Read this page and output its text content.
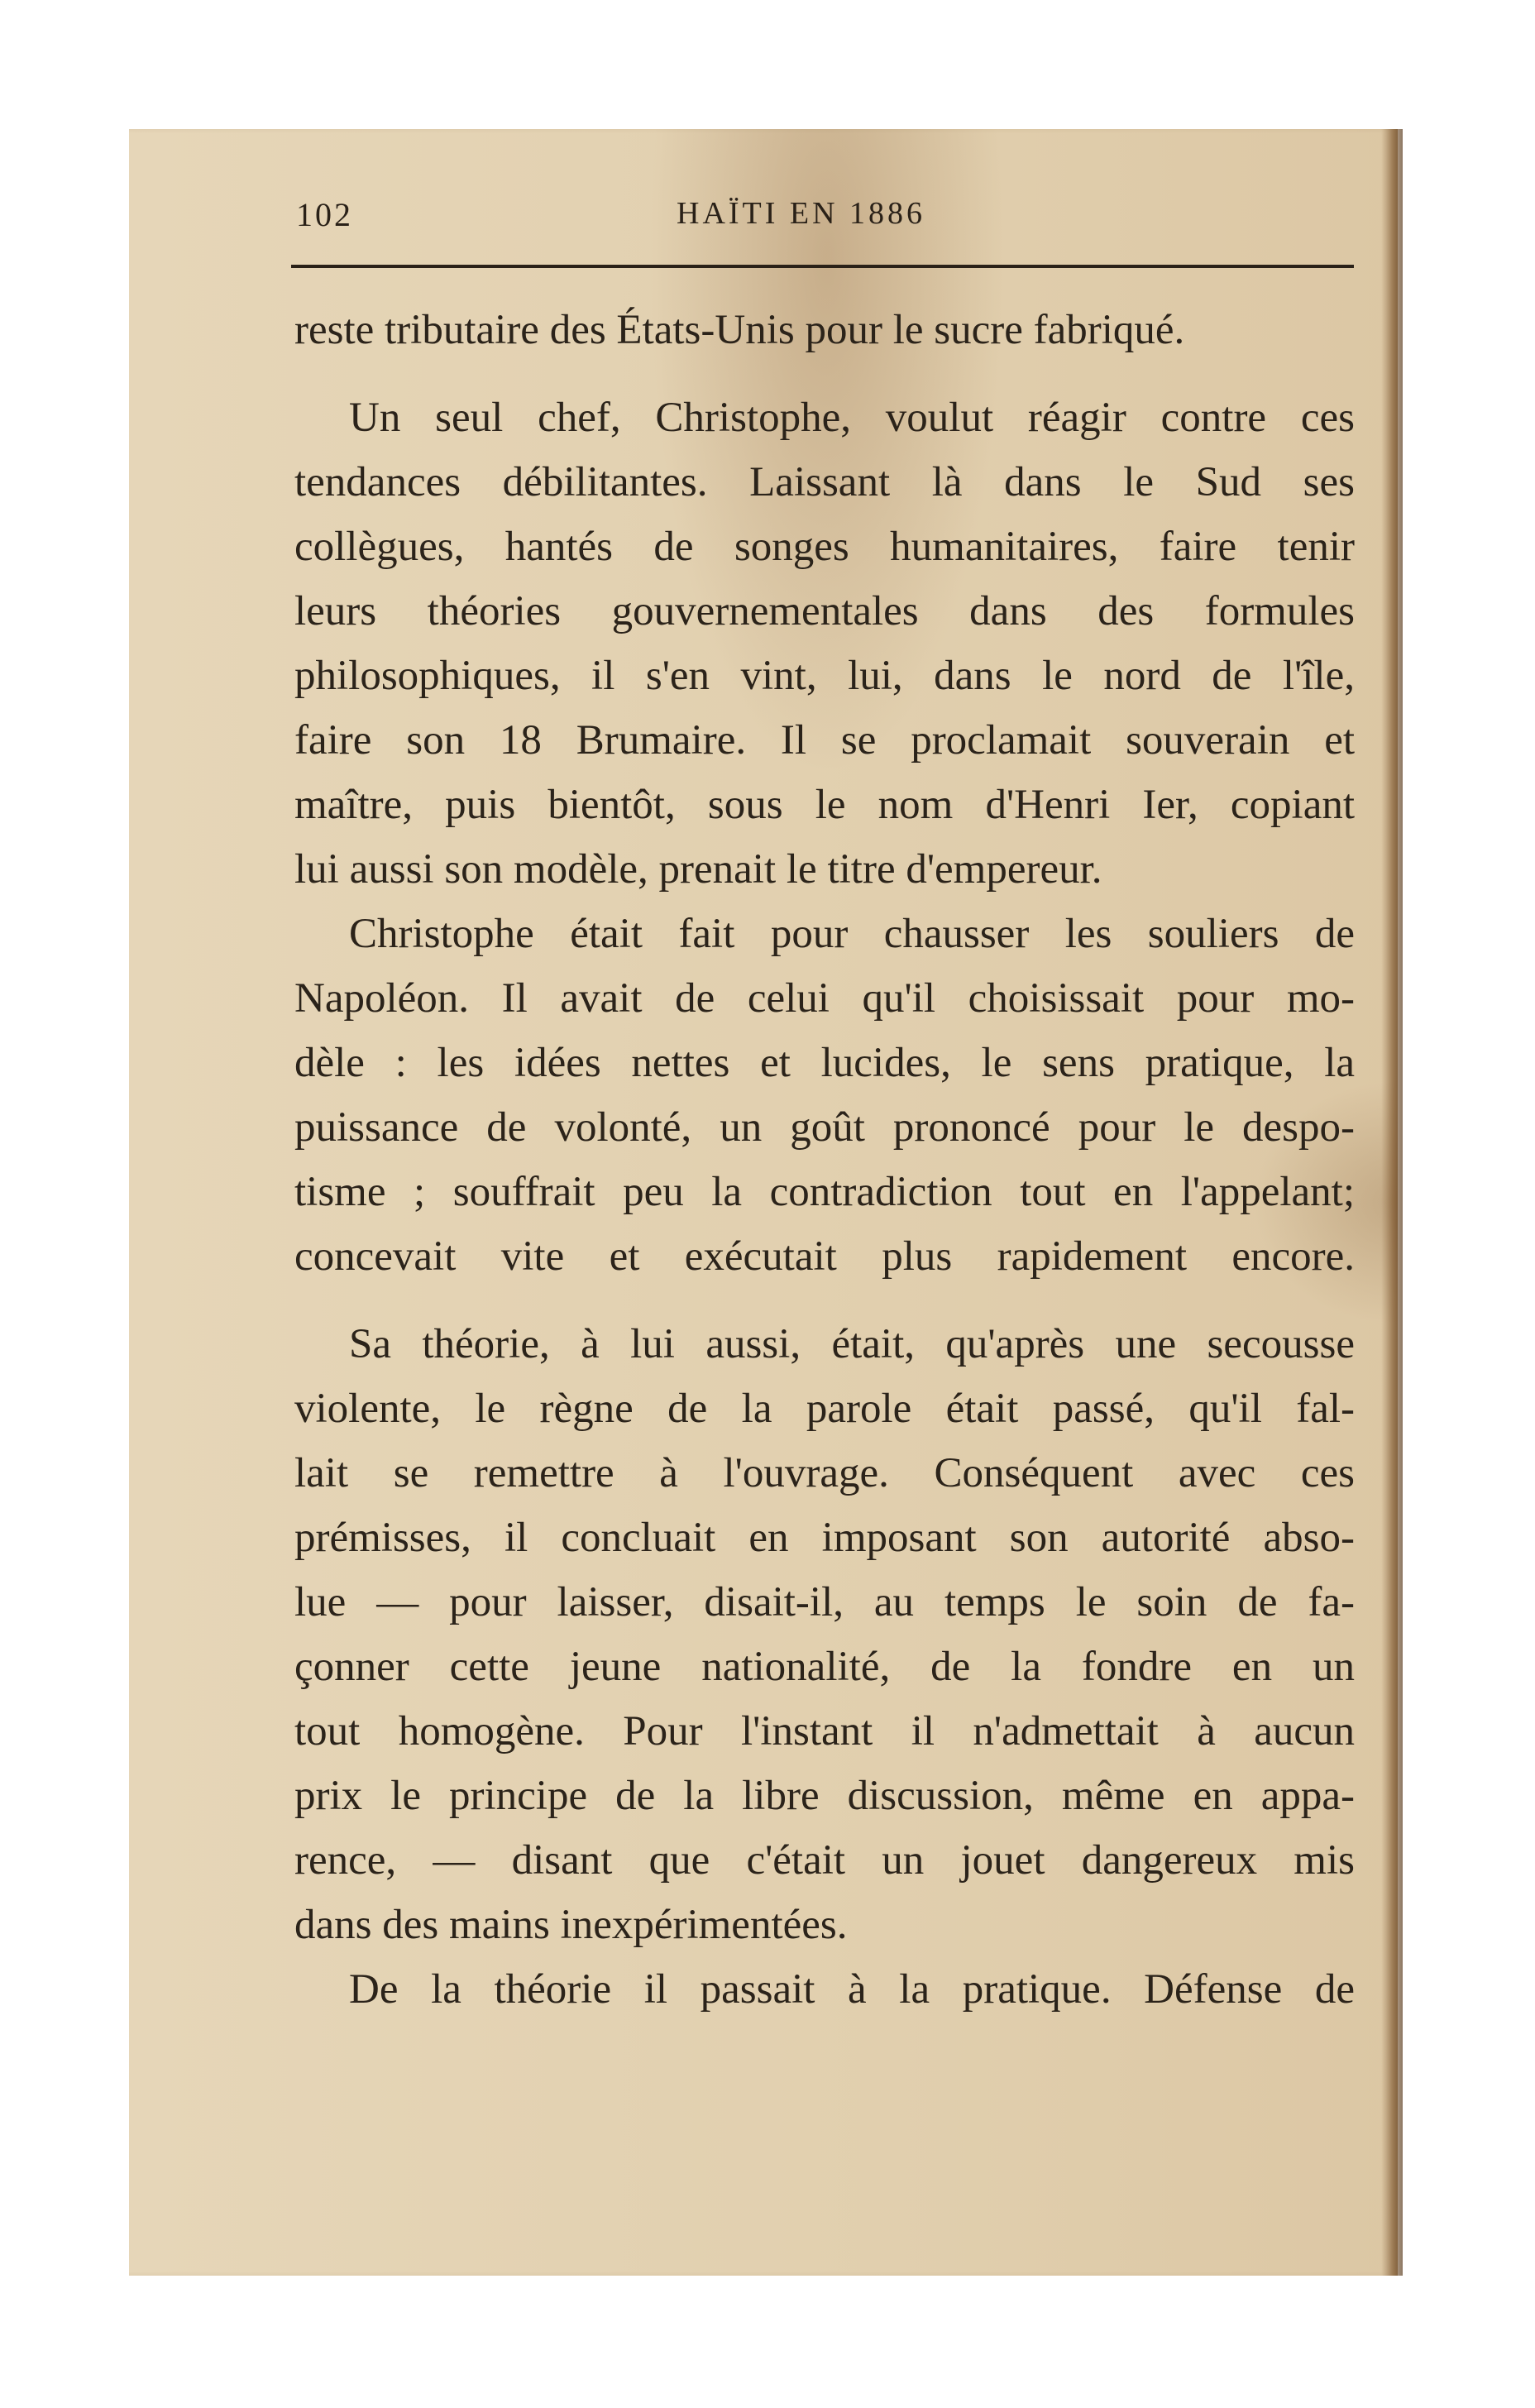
102	HAÏTI EN 1886
reste tributaire des États-Unis pour le sucre fabriqué.
Un seul chef, Christophe, voulut réagir contre ces
tendances débilitantes. Laissant là dans le Sud ses
collègues, hantés de songes humanitaires, faire tenir
leurs théories gouvernementales dans des formules
philosophiques, il s'en vint, lui, dans le nord de l'île,
faire son 18 Brumaire. Il se proclamait souverain et
maître, puis bientôt, sous le nom d'Henri Ier, copiant
lui aussi son modèle, prenait le titre d'empereur.
Christophe était fait pour chausser les souliers de
Napoléon. Il avait de celui qu'il choisissait pour mo-
dèle : les idées nettes et lucides, le sens pratique, la
puissance de volonté, un goût prononcé pour le despo-
tisme ; souffrait peu la contradiction tout en l'appelant;
concevait vite et exécutait plus rapidement encore.
Sa théorie, à lui aussi, était, qu'après une secousse
violente, le règne de la parole était passé, qu'il fal-
lait se remettre à l'ouvrage. Conséquent avec ces
prémisses, il concluait en imposant son autorité abso-
lue — pour laisser, disait-il, au temps le soin de fa-
çonner cette jeune nationalité, de la fondre en un
tout homogène. Pour l'instant il n'admettait à aucun
prix le principe de la libre discussion, même en appa-
rence, — disant que c'était un jouet dangereux mis
dans des mains inexpérimentées.
De la théorie il passait à la pratique. Défense de
